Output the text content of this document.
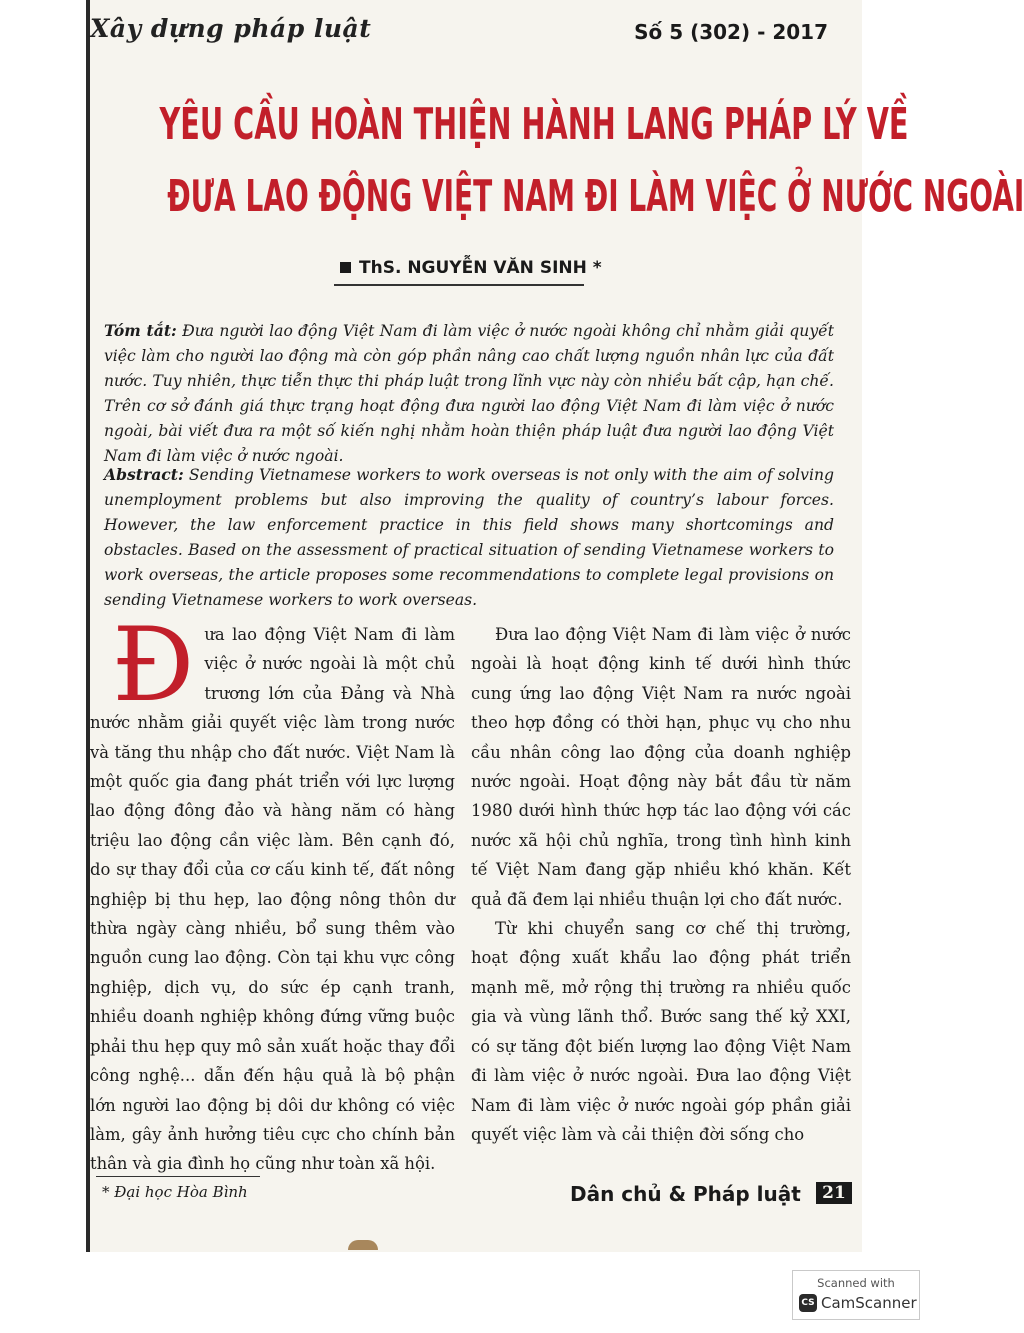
Xây dựng pháp luật	Số 5 (302) - 2017
YÊU CẦU HOÀN THIỆN HÀNH LANG PHÁP LÝ VỀ
ĐƯA LAO ĐỘNG VIỆT NAM ĐI LÀM VIỆC Ở NƯỚC NGOÀI
ThS. NGUYỄN VĂN SINH *
Tóm tắt: Đưa người lao động Việt Nam đi làm việc ở nước ngoài không chỉ nhằm giải quyết việc làm cho người lao động mà còn góp phần nâng cao chất lượng nguồn nhân lực của đất nước. Tuy nhiên, thực tiễn thực thi pháp luật trong lĩnh vực này còn nhiều bất cập, hạn chế. Trên cơ sở đánh giá thực trạng hoạt động đưa người lao động Việt Nam đi làm việc ở nước ngoài, bài viết đưa ra một số kiến nghị nhằm hoàn thiện pháp luật đưa người lao động Việt Nam đi làm việc ở nước ngoài.
Abstract: Sending Vietnamese workers to work overseas is not only with the aim of solving unemployment problems but also improving the quality of country’s labour forces. However, the law enforcement practice in this field shows many shortcomings and obstacles. Based on the assessment of practical situation of sending Vietnamese workers to work overseas, the article proposes some recommendations to complete legal provisions on sending Vietnamese workers to work overseas.
Đ ưa lao động Việt Nam đi làm việc ở nước ngoài là một chủ trương lớn của Đảng và Nhà nước nhằm giải quyết việc làm trong nước và tăng thu nhập cho đất nước. Việt Nam là một quốc gia đang phát triển với lực lượng lao động đông đảo và hàng năm có hàng triệu lao động cần việc làm. Bên cạnh đó, do sự thay đổi của cơ cấu kinh tế, đất nông nghiệp bị thu hẹp, lao động nông thôn dư thừa ngày càng nhiều, bổ sung thêm vào nguồn cung lao động. Còn tại khu vực công nghiệp, dịch vụ, do sức ép cạnh tranh, nhiều doanh nghiệp không đứng vững buộc phải thu hẹp quy mô sản xuất hoặc thay đổi công nghệ... dẫn đến hậu quả là bộ phận lớn người lao động bị dôi dư không có việc làm, gây ảnh hưởng tiêu cực cho chính bản thân và gia đình họ cũng như toàn xã hội.

Đưa lao động Việt Nam đi làm việc ở nước ngoài là hoạt động kinh tế dưới hình thức cung ứng lao động Việt Nam ra nước ngoài theo hợp đồng có thời hạn, phục vụ cho nhu cầu nhân công lao động của doanh nghiệp nước ngoài. Hoạt động này bắt đầu từ năm 1980 dưới hình thức hợp tác lao động với các nước xã hội chủ nghĩa, trong tình hình kinh tế Việt Nam đang gặp nhiều khó khăn. Kết quả đã đem lại nhiều thuận lợi cho đất nước.

Từ khi chuyển sang cơ chế thị trường, hoạt động xuất khẩu lao động phát triển mạnh mẽ, mở rộng thị trường ra nhiều quốc gia và vùng lãnh thổ. Bước sang thế kỷ XXI, có sự tăng đột biến lượng lao động Việt Nam đi làm việc ở nước ngoài. Đưa lao động Việt Nam đi làm việc ở nước ngoài góp phần giải quyết việc làm và cải thiện đời sống cho

* Đại học Hòa Bình	Dân chủ & Pháp luật	21
Scanned with
CS CamScanner
